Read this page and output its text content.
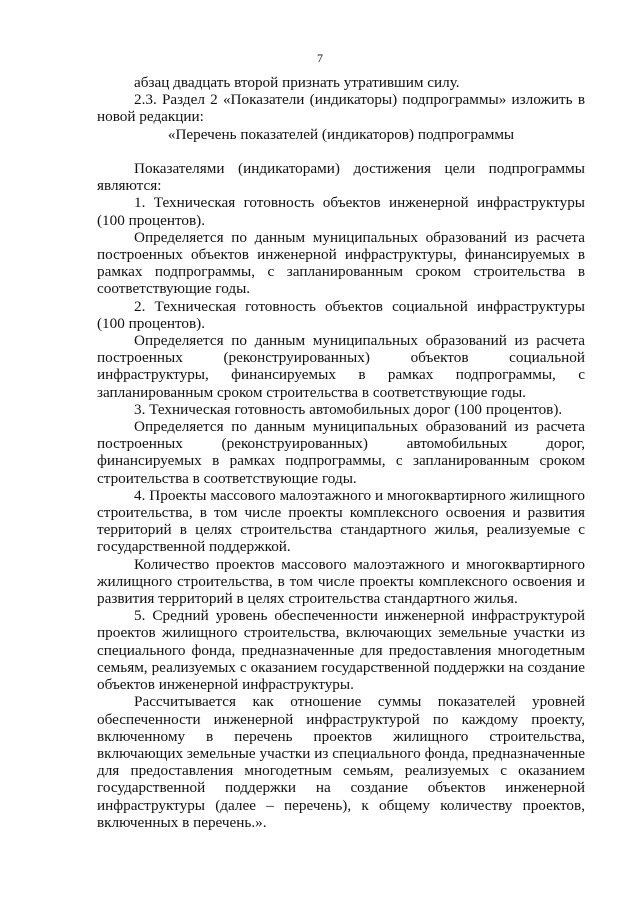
7

абзац двадцать второй признать утратившим силу.

2.3. Раздел 2 «Показатели (индикаторы) подпрограммы» изложить в новой редакции:

«Перечень показателей (индикаторов) подпрограммы

Показателями (индикаторами) достижения цели подпрограммы являются:

1. Техническая готовность объектов инженерной инфраструктуры (100 процентов).

Определяется по данным муниципальных образований из расчета построенных объектов инженерной инфраструктуры, финансируемых в рамках подпрограммы, с запланированным сроком строительства в соответствующие годы.

2. Техническая готовность объектов социальной инфраструктуры (100 процентов).

Определяется по данным муниципальных образований из расчета построенных (реконструированных) объектов социальной инфраструктуры, финансируемых в рамках подпрограммы, с запланированным сроком строительства в соответствующие годы.

3. Техническая готовность автомобильных дорог (100 процентов).

Определяется по данным муниципальных образований из расчета построенных (реконструированных) автомобильных дорог, финансируемых в рамках подпрограммы, с запланированным сроком строительства в соответствующие годы.

4. Проекты массового малоэтажного и многоквартирного жилищного строительства, в том числе проекты комплексного освоения и развития территорий в целях строительства стандартного жилья, реализуемые с государственной поддержкой.

Количество проектов массового малоэтажного и многоквартирного жилищного строительства, в том числе проекты комплексного освоения и развития территорий в целях строительства стандартного жилья.

5. Средний уровень обеспеченности инженерной инфраструктурой проектов жилищного строительства, включающих земельные участки из специального фонда, предназначенные для предоставления многодетным семьям, реализуемых с оказанием государственной поддержки на создание объектов инженерной инфраструктуры.

Рассчитывается как отношение суммы показателей уровней обеспеченности инженерной инфраструктурой по каждому проекту, включенному в перечень проектов жилищного строительства, включающих земельные участки из специального фонда, предназначенные для предоставления многодетным семьям, реализуемых с оказанием государственной поддержки на создание объектов инженерной инфраструктуры (далее – перечень), к общему количеству проектов, включенных в перечень.».
